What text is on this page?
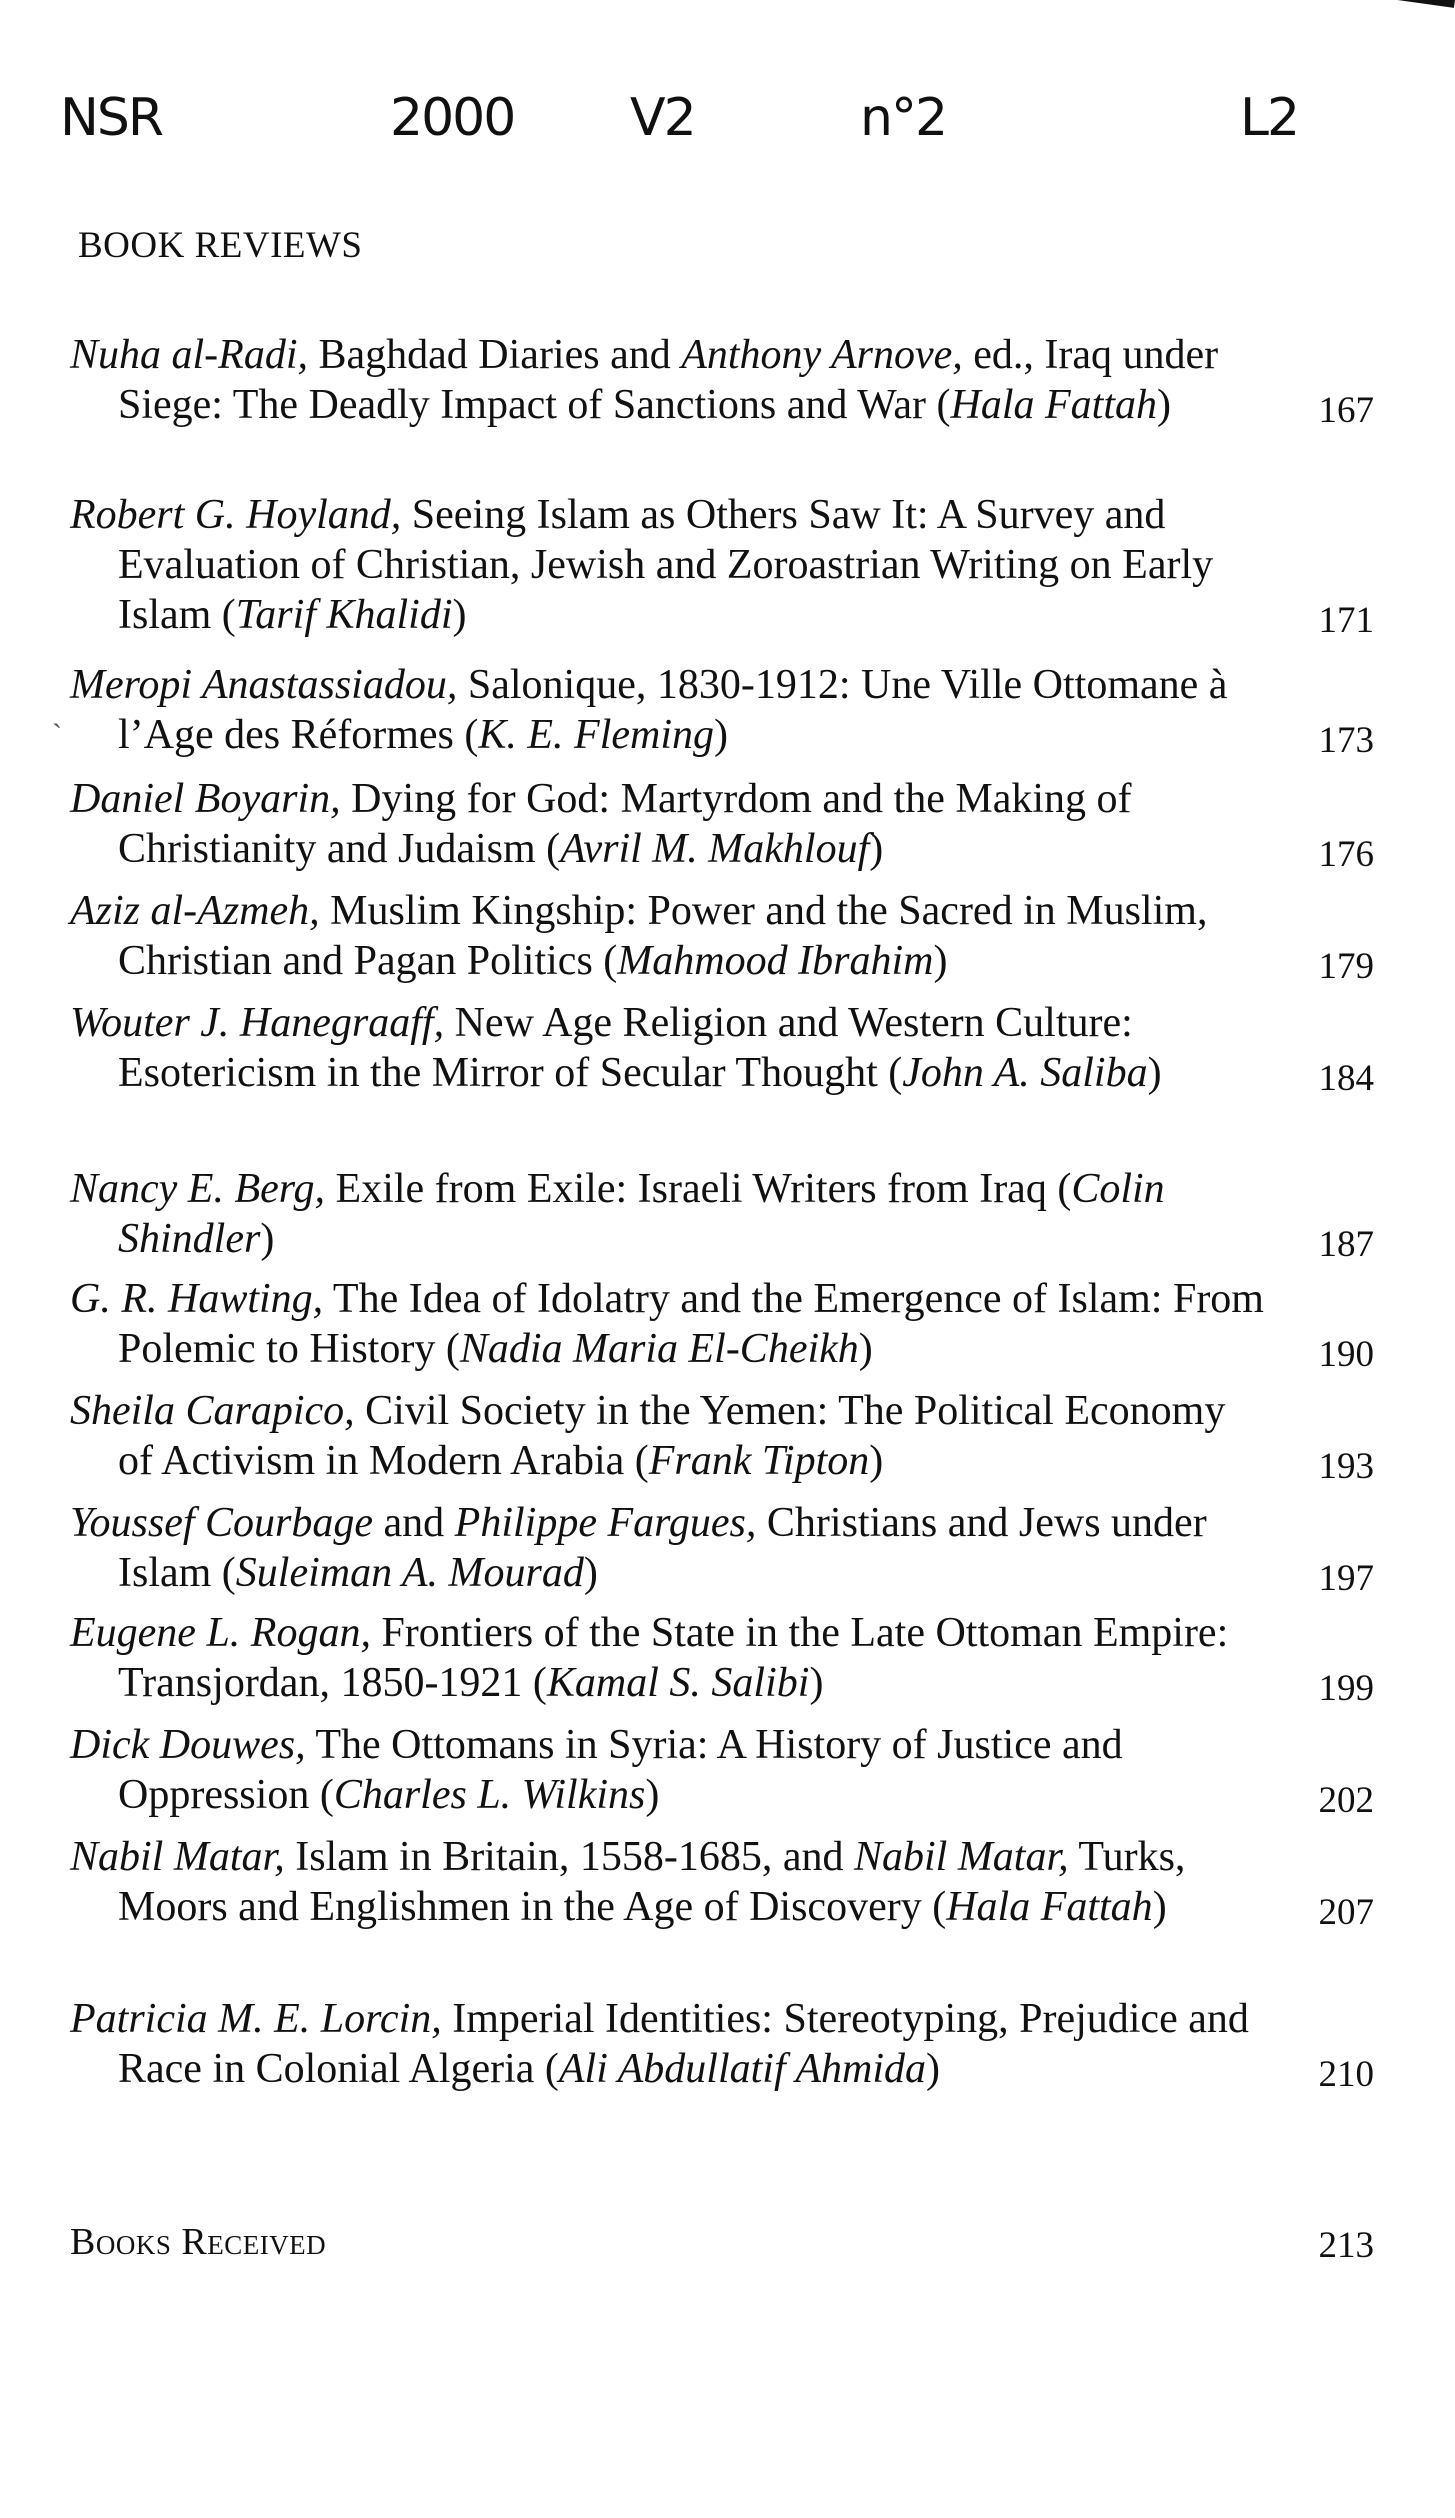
NSR	2000 V2	n°2	L2
BOOK REVIEWS
`
Nuha al-Radi, Baghdad Diaries and Anthony Arnove, ed., Iraq under Siege: The Deadly Impact of Sanctions and War (Hala Fattah)	167
Robert G. Hoyland, Seeing Islam as Others Saw It: A Survey and Evaluation of Christian, Jewish and Zoroastrian Writing on Early Islam (Tarif Khalidi)	171
Meropi Anastassiadou, Salonique, 1830-1912: Une Ville Ottomane à l’Age des Réformes (K. E. Fleming)	173
Daniel Boyarin, Dying for God: Martyrdom and the Making of Christianity and Judaism (Avril M. Makhlouf)	176
Aziz al-Azmeh, Muslim Kingship: Power and the Sacred in Muslim, Christian and Pagan Politics (Mahmood Ibrahim)	179
Wouter J. Hanegraaff, New Age Religion and Western Culture: Esotericism in the Mirror of Secular Thought (John A. Saliba)	184
Nancy E. Berg, Exile from Exile: Israeli Writers from Iraq (Colin Shindler)	187
G. R. Hawting, The Idea of Idolatry and the Emergence of Islam: From Polemic to History (Nadia Maria El-Cheikh)	190
Sheila Carapico, Civil Society in the Yemen: The Political Economy of Activism in Modern Arabia (Frank Tipton)	193
Youssef Courbage and Philippe Fargues, Christians and Jews under Islam (Suleiman A. Mourad)	197
Eugene L. Rogan, Frontiers of the State in the Late Ottoman Empire: Transjordan, 1850-1921 (Kamal S. Salibi)	199
Dick Douwes, The Ottomans in Syria: A History of Justice and Oppression (Charles L. Wilkins)	202
Nabil Matar, Islam in Britain, 1558-1685, and Nabil Matar, Turks, Moors and Englishmen in the Age of Discovery (Hala Fattah)	207
Patricia M. E. Lorcin, Imperial Identities: Stereotyping, Prejudice and Race in Colonial Algeria (Ali Abdullatif Ahmida)	210
Books Received	213
